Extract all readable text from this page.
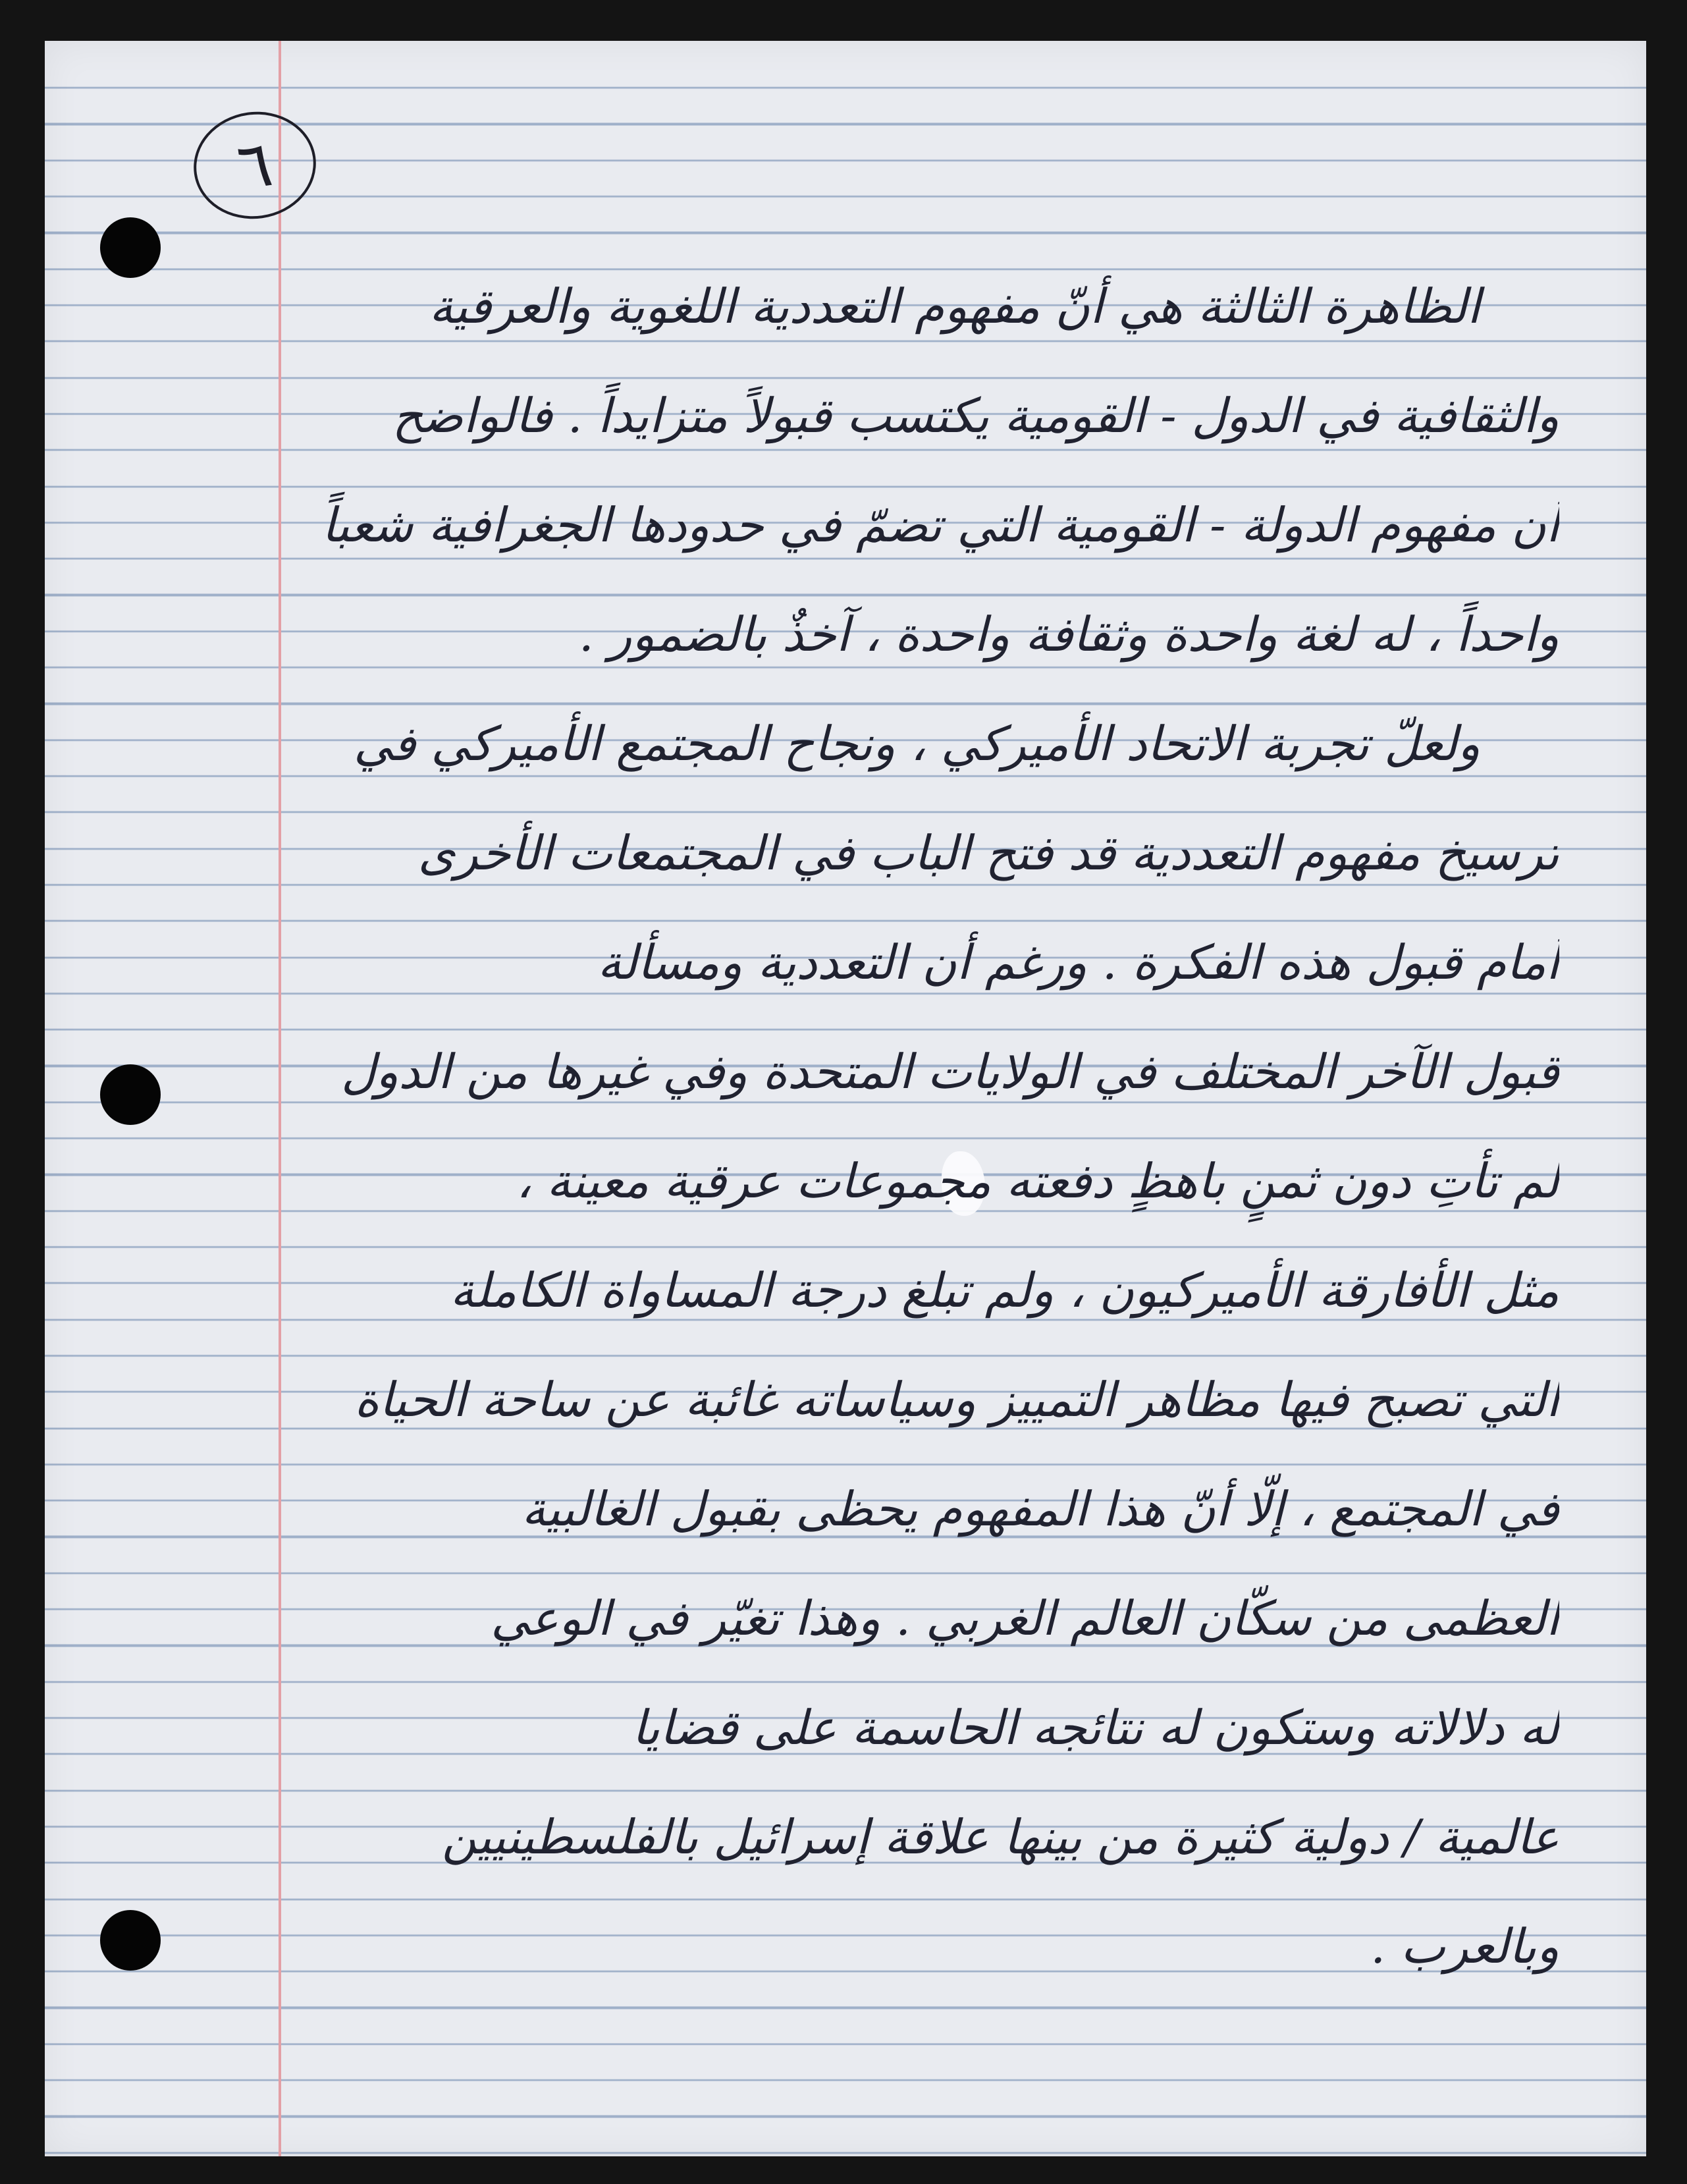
٦
الظاهرة الثالثة هي أنّ مفهوم التعددية اللغوية والعرقية
والثقافية في الدول - القومية يكتسب قبولاً متزايداً . فالواضح
أن مفهوم الدولة - القومية التي تضمّ في حدودها الجغرافية شعباً
واحداً ، له لغة واحدة وثقافة واحدة ، آخذٌ بالضمور .
ولعلّ تجربة الاتحاد الأميركي ، ونجاح المجتمع الأميركي في
ترسيخ مفهوم التعددية قد فتح الباب في المجتمعات الأخرى
أمام قبول هذه الفكرة . ورغم أن التعددية ومسألة
قبول الآخر المختلف في الولايات المتحدة وفي غيرها من الدول
لم تأتِ دون ثمنٍ باهظٍ دفعته مجموعات عرقية معينة ،
مثل الأفارقة الأميركيون ، ولم تبلغ درجة المساواة الكاملة
التي تصبح فيها مظاهر التمييز وسياساته غائبة عن ساحة الحياة
في المجتمع ، إلّا أنّ هذا المفهوم يحظى بقبول الغالبية
العظمى من سكّان العالم الغربي . وهذا تغيّر في الوعي
له دلالاته وستكون له نتائجه الحاسمة على قضايا
عالمية / دولية كثيرة من بينها علاقة إسرائيل بالفلسطينيين
وبالعرب .
